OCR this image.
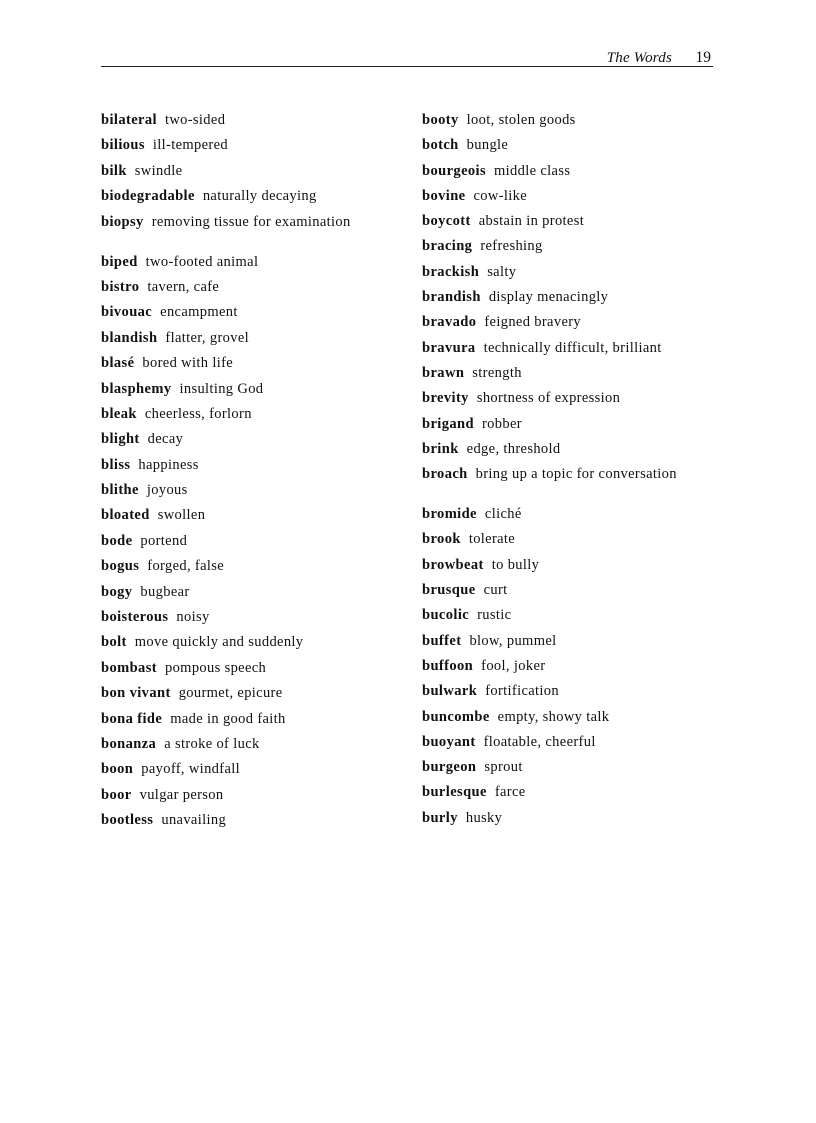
The Words 19
bilateral two-sided
bilious ill-tempered
bilk swindle
biodegradable naturally decaying
biopsy removing tissue for examination
biped two-footed animal
bistro tavern, cafe
bivouac encampment
blandish flatter, grovel
blasé bored with life
blasphemy insulting God
bleak cheerless, forlorn
blight decay
bliss happiness
blithe joyous
bloated swollen
bode portend
bogus forged, false
bogy bugbear
boisterous noisy
bolt move quickly and suddenly
bombast pompous speech
bon vivant gourmet, epicure
bona fide made in good faith
bonanza a stroke of luck
boon payoff, windfall
boor vulgar person
bootless unavailing
booty loot, stolen goods
botch bungle
bourgeois middle class
bovine cow-like
boycott abstain in protest
bracing refreshing
brackish salty
brandish display menacingly
bravado feigned bravery
bravura technically difficult, brilliant
brawn strength
brevity shortness of expression
brigand robber
brink edge, threshold
broach bring up a topic for conversation
bromide cliché
brook tolerate
browbeat to bully
brusque curt
bucolic rustic
buffet blow, pummel
buffoon fool, joker
bulwark fortification
buncombe empty, showy talk
buoyant floatable, cheerful
burgeon sprout
burlesque farce
burly husky
